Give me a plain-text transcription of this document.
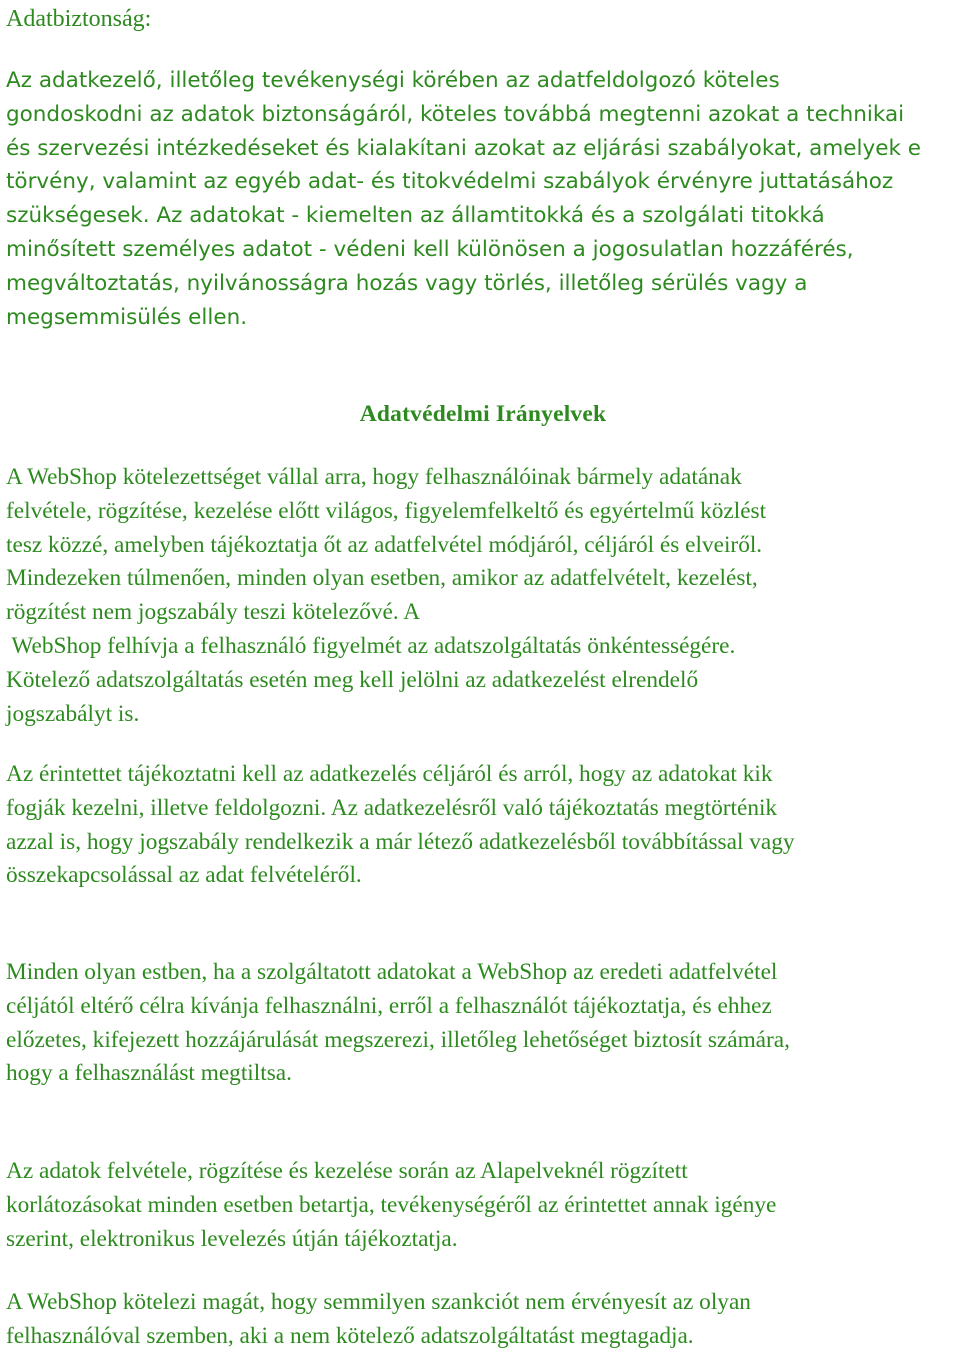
Adatbiztonság:

Az adatkezelő, illetőleg tevékenységi körében az adatfeldolgozó köteles
gondoskodni az adatok biztonságáról, köteles továbbá megtenni azokat a technikai
és szervezési intézkedéseket és kialakítani azokat az eljárási szabályokat, amelyek e
törvény, valamint az egyéb adat- és titokvédelmi szabályok érvényre juttatásához
szükségesek. Az adatokat - kiemelten az államtitokká és a szolgálati titokká
minősített személyes adatot - védeni kell különösen a jogosulatlan hozzáférés,
megváltoztatás, nyilvánosságra hozás vagy törlés, illetőleg sérülés vagy a
megsemmisülés ellen.

Adatvédelmi Irányelvek

A WebShop kötelezettséget vállal arra, hogy felhasználóinak bármely adatának
felvétele, rögzítése, kezelése előtt világos, figyelemfelkeltő és egyértelmű közlést
tesz közzé, amelyben tájékoztatja őt az adatfelvétel módjáról, céljáról és elveiről.
Mindezeken túlmenően, minden olyan esetben, amikor az adatfelvételt, kezelést,
rögzítést nem jogszabály teszi kötelezővé. A
WebShop felhívja a felhasználó figyelmét az adatszolgáltatás önkéntességére.
Kötelező adatszolgáltatás esetén meg kell jelölni az adatkezelést elrendelő
jogszabályt is.

Az érintettet tájékoztatni kell az adatkezelés céljáról és arról, hogy az adatokat kik
fogják kezelni, illetve feldolgozni. Az adatkezelésről való tájékoztatás megtörténik
azzal is, hogy jogszabály rendelkezik a már létező adatkezelésből továbbítással vagy
összekapcsolással az adat felvételéről.

Minden olyan estben, ha a szolgáltatott adatokat a WebShop az eredeti adatfelvétel
céljától eltérő célra kívánja felhasználni, erről a felhasználót tájékoztatja, és ehhez
előzetes, kifejezett hozzájárulását megszerezi, illetőleg lehetőséget biztosít számára,
hogy a felhasználást megtiltsa.

Az adatok felvétele, rögzítése és kezelése során az Alapelveknél rögzített
korlátozásokat minden esetben betartja, tevékenységéről az érintettet annak igénye
szerint, elektronikus levelezés útján tájékoztatja.

A WebShop kötelezi magát, hogy semmilyen szankciót nem érvényesít az olyan
felhasználóval szemben, aki a nem kötelező adatszolgáltatást megtagadja.
